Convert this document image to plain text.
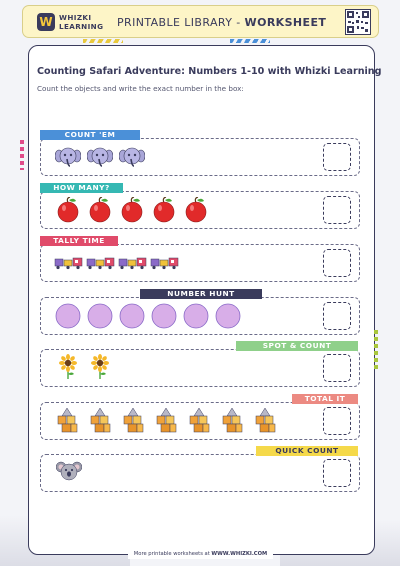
W WHIZKI
LEARNING PRINTABLE LIBRARY - WORKSHEET
Counting Safari Adventure: Numbers 1-10 with Whizki Learning
Count the objects and write the exact number in the box:
COUNT 'EM
HOW MANY?
TALLY TIME
NUMBER HUNT
SPOT & COUNT
TOTAL IT
QUICK COUNT
More printable worksheets at WWW.WHIZKI.COM
